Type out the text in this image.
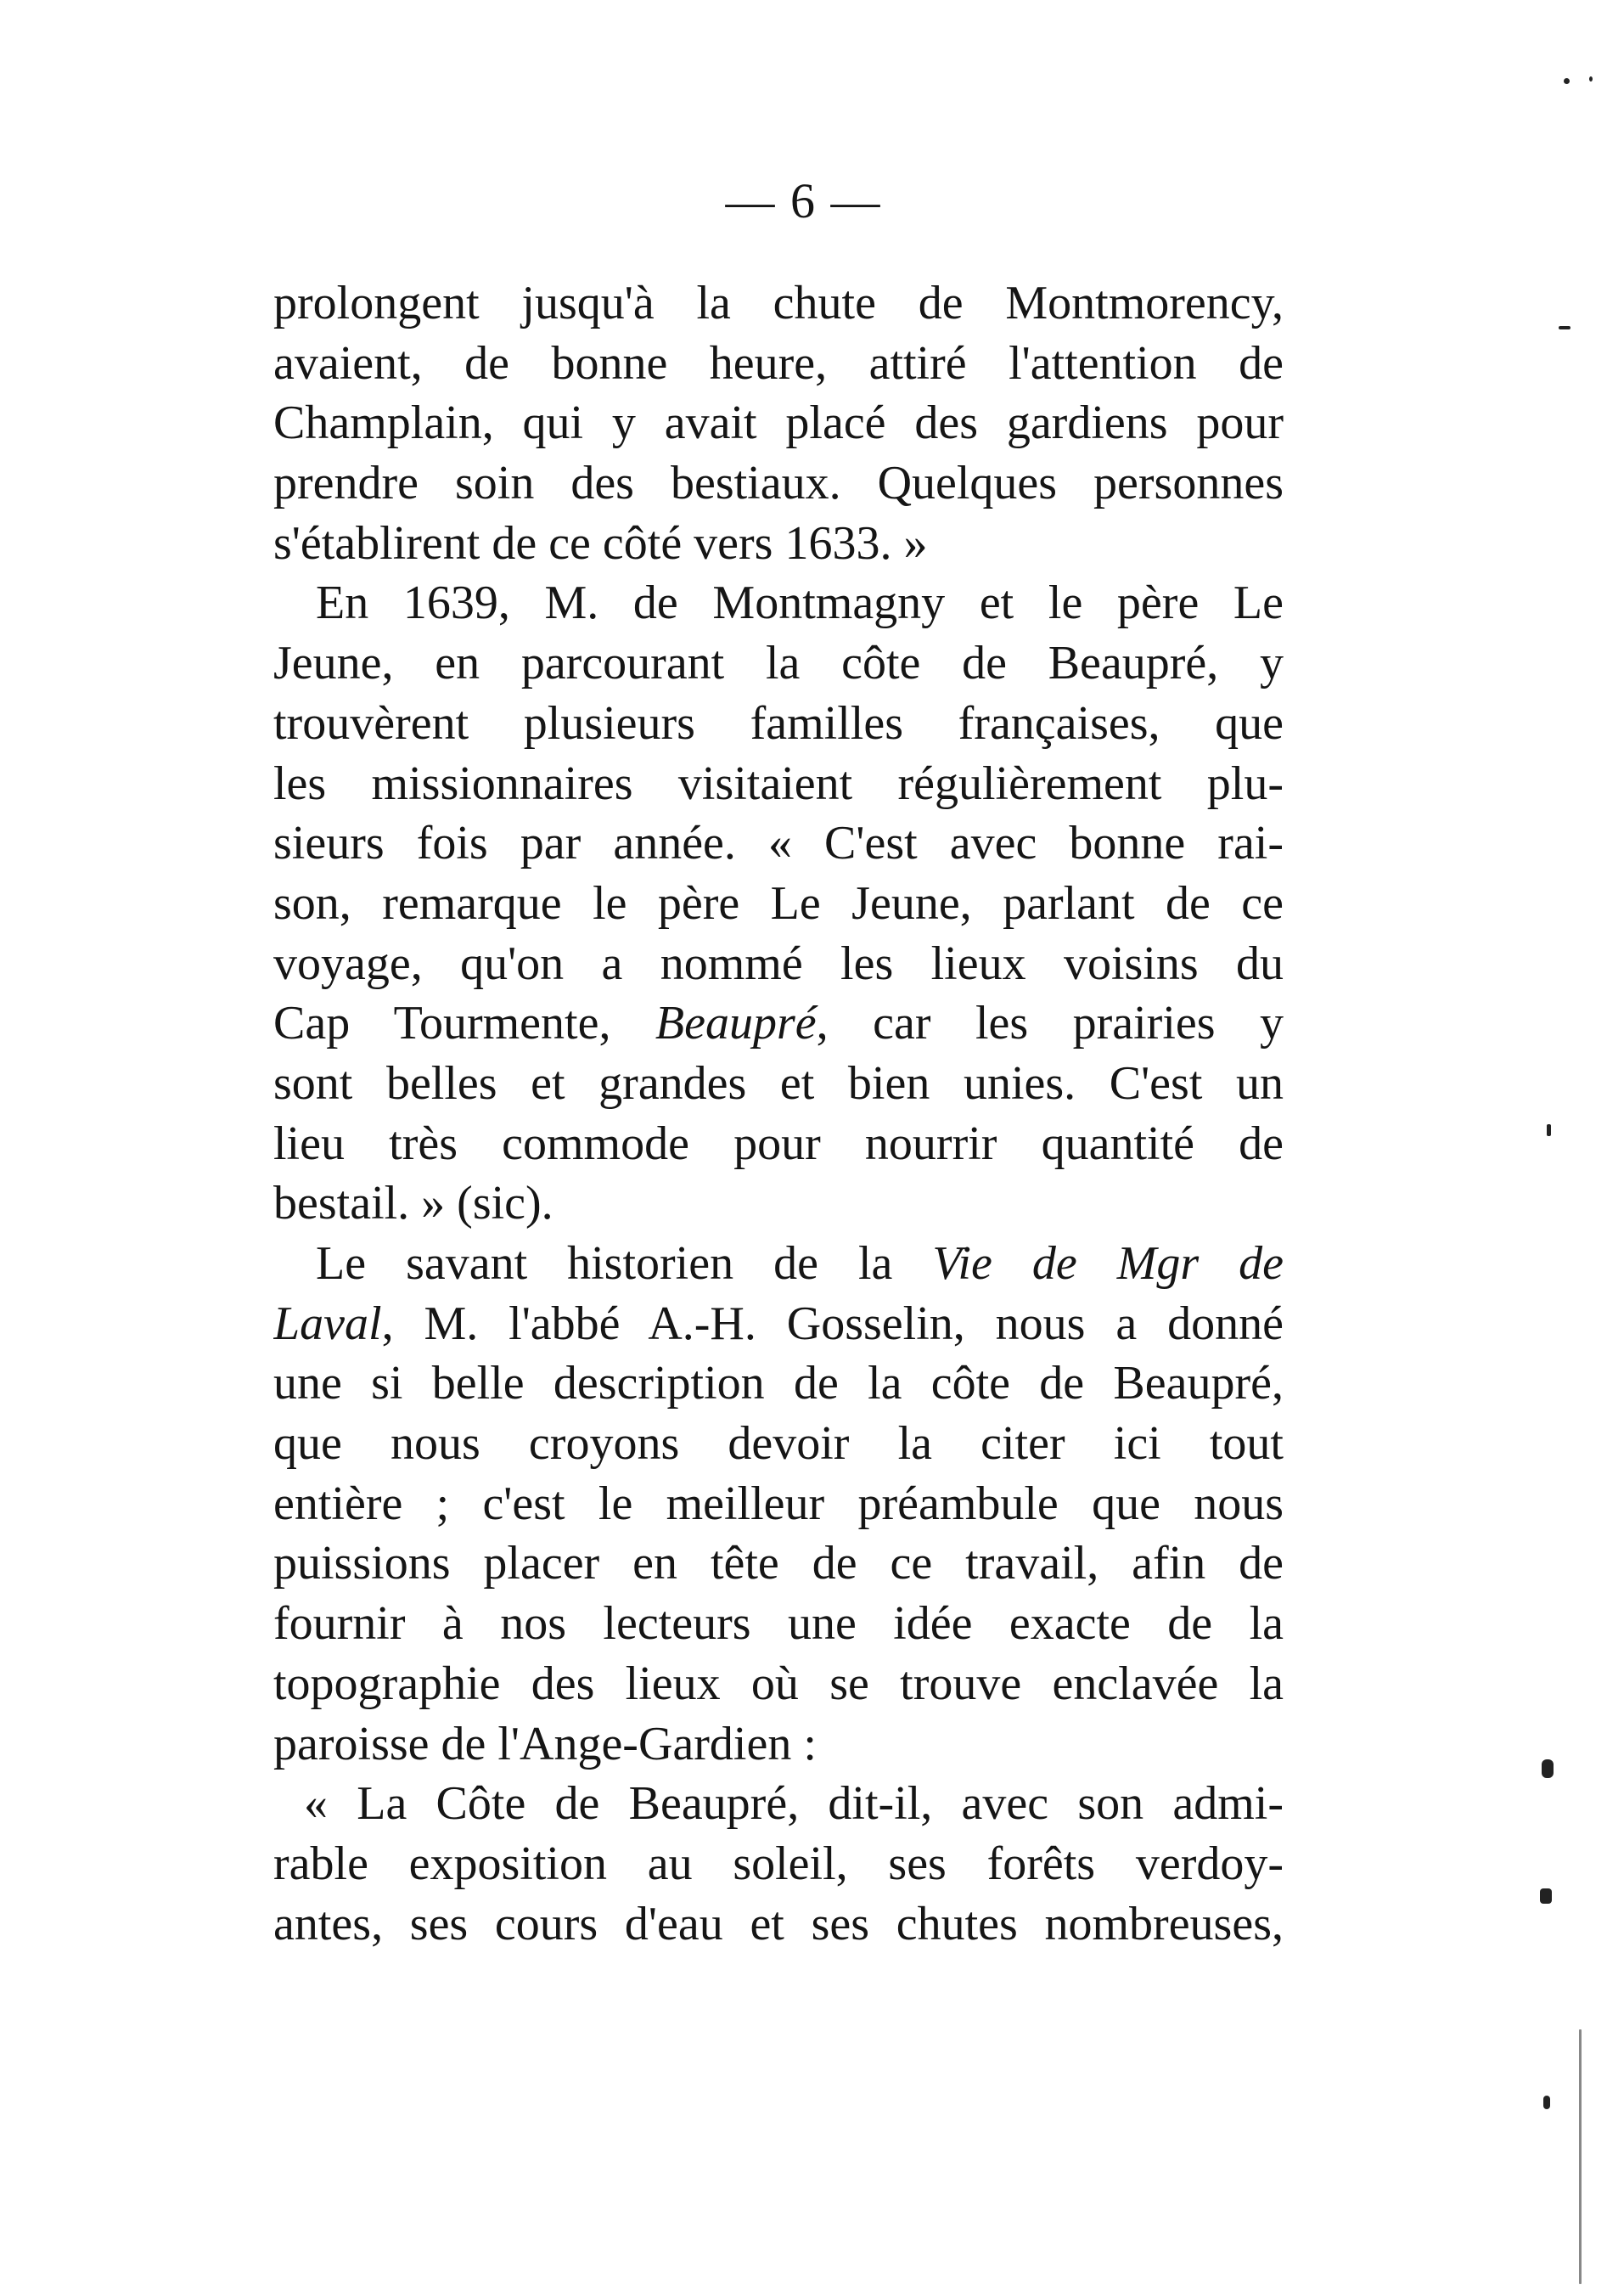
— 6 —
prolongent jusqu'à la chute de Montmorency,
avaient, de bonne heure, attiré l'attention de
Champlain, qui y avait placé des gardiens pour
prendre soin des bestiaux. Quelques personnes
s'établirent de ce côté vers 1633. »
En 1639, M. de Montmagny et le père Le
Jeune, en parcourant la côte de Beaupré, y
trouvèrent plusieurs familles françaises, que
les missionnaires visitaient régulièrement plu-
sieurs fois par année. « C'est avec bonne rai-
son, remarque le père Le Jeune, parlant de ce
voyage, qu'on a nommé les lieux voisins du
Cap Tourmente, Beaupré, car les prairies y
sont belles et grandes et bien unies. C'est un
lieu très commode pour nourrir quantité de
bestail. » (sic).
Le savant historien de la Vie de Mgr de
Laval, M. l'abbé A.-H. Gosselin, nous a donné
une si belle description de la côte de Beaupré,
que nous croyons devoir la citer ici tout
entière ; c'est le meilleur préambule que nous
puissions placer en tête de ce travail, afin de
fournir à nos lecteurs une idée exacte de la
topographie des lieux où se trouve enclavée la
paroisse de l'Ange-Gardien :
« La Côte de Beaupré, dit-il, avec son admi-
rable exposition au soleil, ses forêts verdoy-
antes, ses cours d'eau et ses chutes nombreuses,
